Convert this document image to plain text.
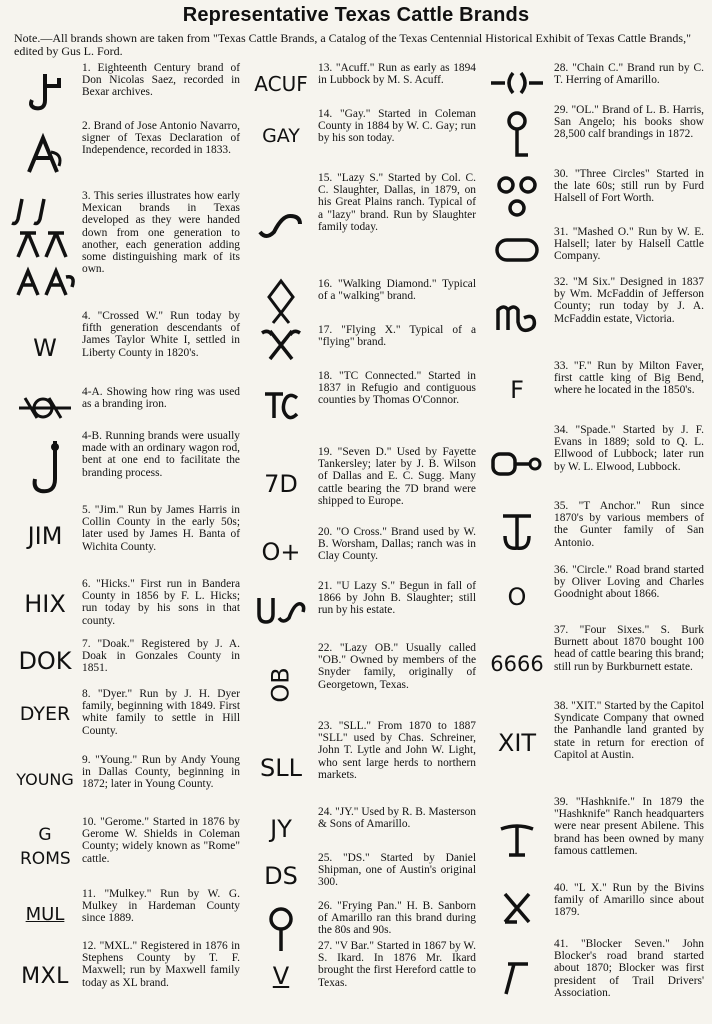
Representative Texas Cattle Brands
Note.—All brands shown are taken from "Texas Cattle Brands, a Catalog of the Texas Centennial Historical Exhibit of Texas Cattle Brands," edited by Gus L. Ford.
1. Eighteenth Century brand of Don Nicolas Saez, recorded in Bexar archives.
2. Brand of Jose Antonio Navarro, signer of Texas Declaration of Independence, recorded in 1833.
3. This series illustrates how early Mexican brands in Texas developed as they were handed down from one generation to another, each generation adding some distinguishing mark of its own.
W
4. "Crossed W." Run today by fifth generation descendants of James Taylor White I, settled in Liberty County in 1820's.
4-A. Showing how ring was used as a branding iron.
4-B. Running brands were usually made with an ordinary wagon rod, bent at one end to facilitate the branding process.
JIM
5. "Jim." Run by James Harris in Collin County in the early 50s; later used by James H. Banta of Wichita County.
HIX
6. "Hicks." First run in Bandera County in 1856 by F. L. Hicks; run today by his sons in that county.
DOK
7. "Doak." Registered by J. A. Doak in Gonzales County in 1851.
DYER
8. "Dyer." Run by J. H. Dyer family, beginning with 1849. First white family to settle in Hill County.
YOUNG
9. "Young." Run by Andy Young in Dallas County, beginning in 1872; later in Young County.
G ROMS
10. "Gerome." Started in 1876 by Gerome W. Shields in Coleman County; widely known as "Rome" cattle.
MUL
11. "Mulkey." Run by W. G. Mulkey in Hardeman County since 1889.
MXL
12. "MXL." Registered in 1876 in Stephens County by T. F. Maxwell; run by Maxwell family today as XL brand.
ACUF
13. "Acuff." Run as early as 1894 in Lubbock by M. S. Acuff.
GAY
14. "Gay." Started in Coleman County in 1884 by W. C. Gay; run by his son today.
15. "Lazy S." Started by Col. C. C. Slaughter, Dallas, in 1879, on his Great Plains ranch. Typical of a "lazy" brand. Run by Slaughter family today.
16. "Walking Diamond." Typical of a "walking" brand.
17. "Flying X." Typical of a "flying" brand.
18. "TC Connected." Started in 1837 in Refugio and contiguous counties by Thomas O'Connor.
7D
19. "Seven D." Used by Fayette Tankersley; later by J. B. Wilson of Dallas and E. C. Sugg. Many cattle bearing the 7D brand were shipped to Europe.
O+
20. "O Cross." Brand used by W. B. Worsham, Dallas; ranch was in Clay County.
21. "U Lazy S." Begun in fall of 1866 by John B. Slaughter; still run by his estate.
OB
22. "Lazy OB." Usually called "OB." Owned by members of the Snyder family, originally of Georgetown, Texas.
SLL
23. "SLL." From 1870 to 1887 "SLL" used by Chas. Schreiner, John T. Lytle and John W. Light, who sent large herds to northern markets.
JY
24. "JY." Used by R. B. Masterson & Sons of Amarillo.
DS
25. "DS." Started by Daniel Shipman, one of Austin's original 300.
26. "Frying Pan." H. B. Sanborn of Amarillo ran this brand during the 80s and 90s.
V
27. "V Bar." Started in 1867 by W. S. Ikard. In 1876 Mr. Ikard brought the first Hereford cattle to Texas.
28. "Chain C." Brand run by C. T. Herring of Amarillo.
29. "OL." Brand of L. B. Harris, San Angelo; his books show 28,500 calf brandings in 1872.
30. "Three Circles" Started in the late 60s; still run by Furd Halsell of Fort Worth.
31. "Mashed O." Run by W. E. Halsell; later by Halsell Cattle Company.
32. "M Six." Designed in 1837 by Wm. McFaddin of Jefferson County; run today by J. A. McFaddin estate, Victoria.
F
33. "F." Run by Milton Faver, first cattle king of Big Bend, where he located in the 1850's.
34. "Spade." Started by J. F. Evans in 1889; sold to Q. L. Ellwood of Lubbock; later run by W. L. Elwood, Lubbock.
35. "T Anchor." Run since 1870's by various members of the Gunter family of San Antonio.
O
36. "Circle." Road brand started by Oliver Loving and Charles Goodnight about 1866.
6666
37. "Four Sixes." S. Burk Burnett about 1870 bought 100 head of cattle bearing this brand; still run by Burkburnett estate.
XIT
38. "XIT." Started by the Capitol Syndicate Company that owned the Panhandle land granted by state in return for erection of Capitol at Austin.
39. "Hashknife." In 1879 the "Hashknife" Ranch headquarters were near present Abilene. This brand has been owned by many famous cattlemen.
40. "L X." Run by the Bivins family of Amarillo since about 1879.
41. "Blocker Seven." John Blocker's road brand started about 1870; Blocker was first president of Trail Drivers' Association.
